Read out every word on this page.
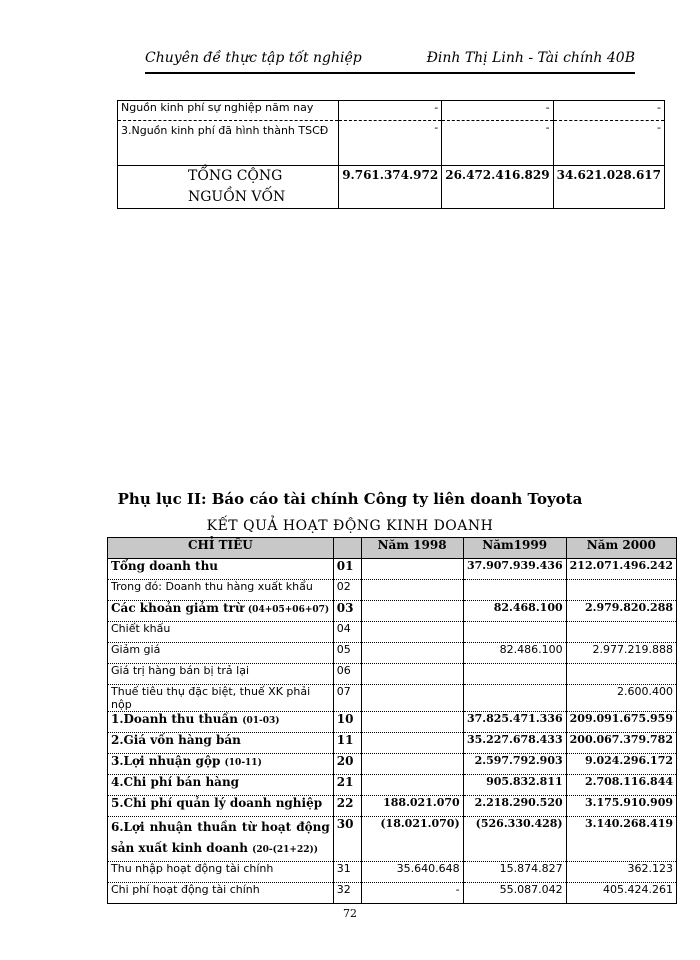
Chuyên đề thực tập tốt nghiệp	Đinh Thị Linh - Tài chính 40B
Nguồn kinh phí sự nghiệp năm nay	-	-	-
3.Nguồn kinh phí đã hình thành TSCĐ	-	-	-
TỔNG CỘNG NGUỒN VỐN	9.761.374.972	26.472.416.829	34.621.028.617
Phụ lục II: Báo cáo tài chính Công ty liên doanh Toyota
KẾT QUẢ HOẠT ĐỘNG KINH DOANH
CHỈ TIÊU		Năm 1998	Năm1999	Năm 2000
Tổng doanh thu	01		37.907.939.436	212.071.496.242
Trong đó: Doanh thu hàng xuất khẩu	02			
Các khoản giảm trừ (04+05+06+07)	03		82.468.100	2.979.820.288
Chiết khấu	04			
Giảm giá	05		82.486.100	2.977.219.888
Giá trị hàng bán bị trả lại	06			
Thuế tiêu thụ đặc biệt, thuế XK phải nộp	07			2.600.400
1.Doanh thu thuần (01-03)	10		37.825.471.336	209.091.675.959
2.Giá vốn hàng bán	11		35.227.678.433	200.067.379.782
3.Lợi nhuận gộp (10-11)	20		2.597.792.903	9.024.296.172
4.Chi phí bán hàng	21		905.832.811	2.708.116.844
5.Chi phí quản lý doanh nghiệp	22	188.021.070	2.218.290.520	3.175.910.909
6.Lợi nhuận thuần từ hoạt động sản xuất kinh doanh (20-(21+22))	30	(18.021.070)	(526.330.428)	3.140.268.419
Thu nhập hoạt động tài chính	31	35.640.648	15.874.827	362.123
Chi phí hoạt động tài chính	32	-	55.087.042	405.424.261
72
